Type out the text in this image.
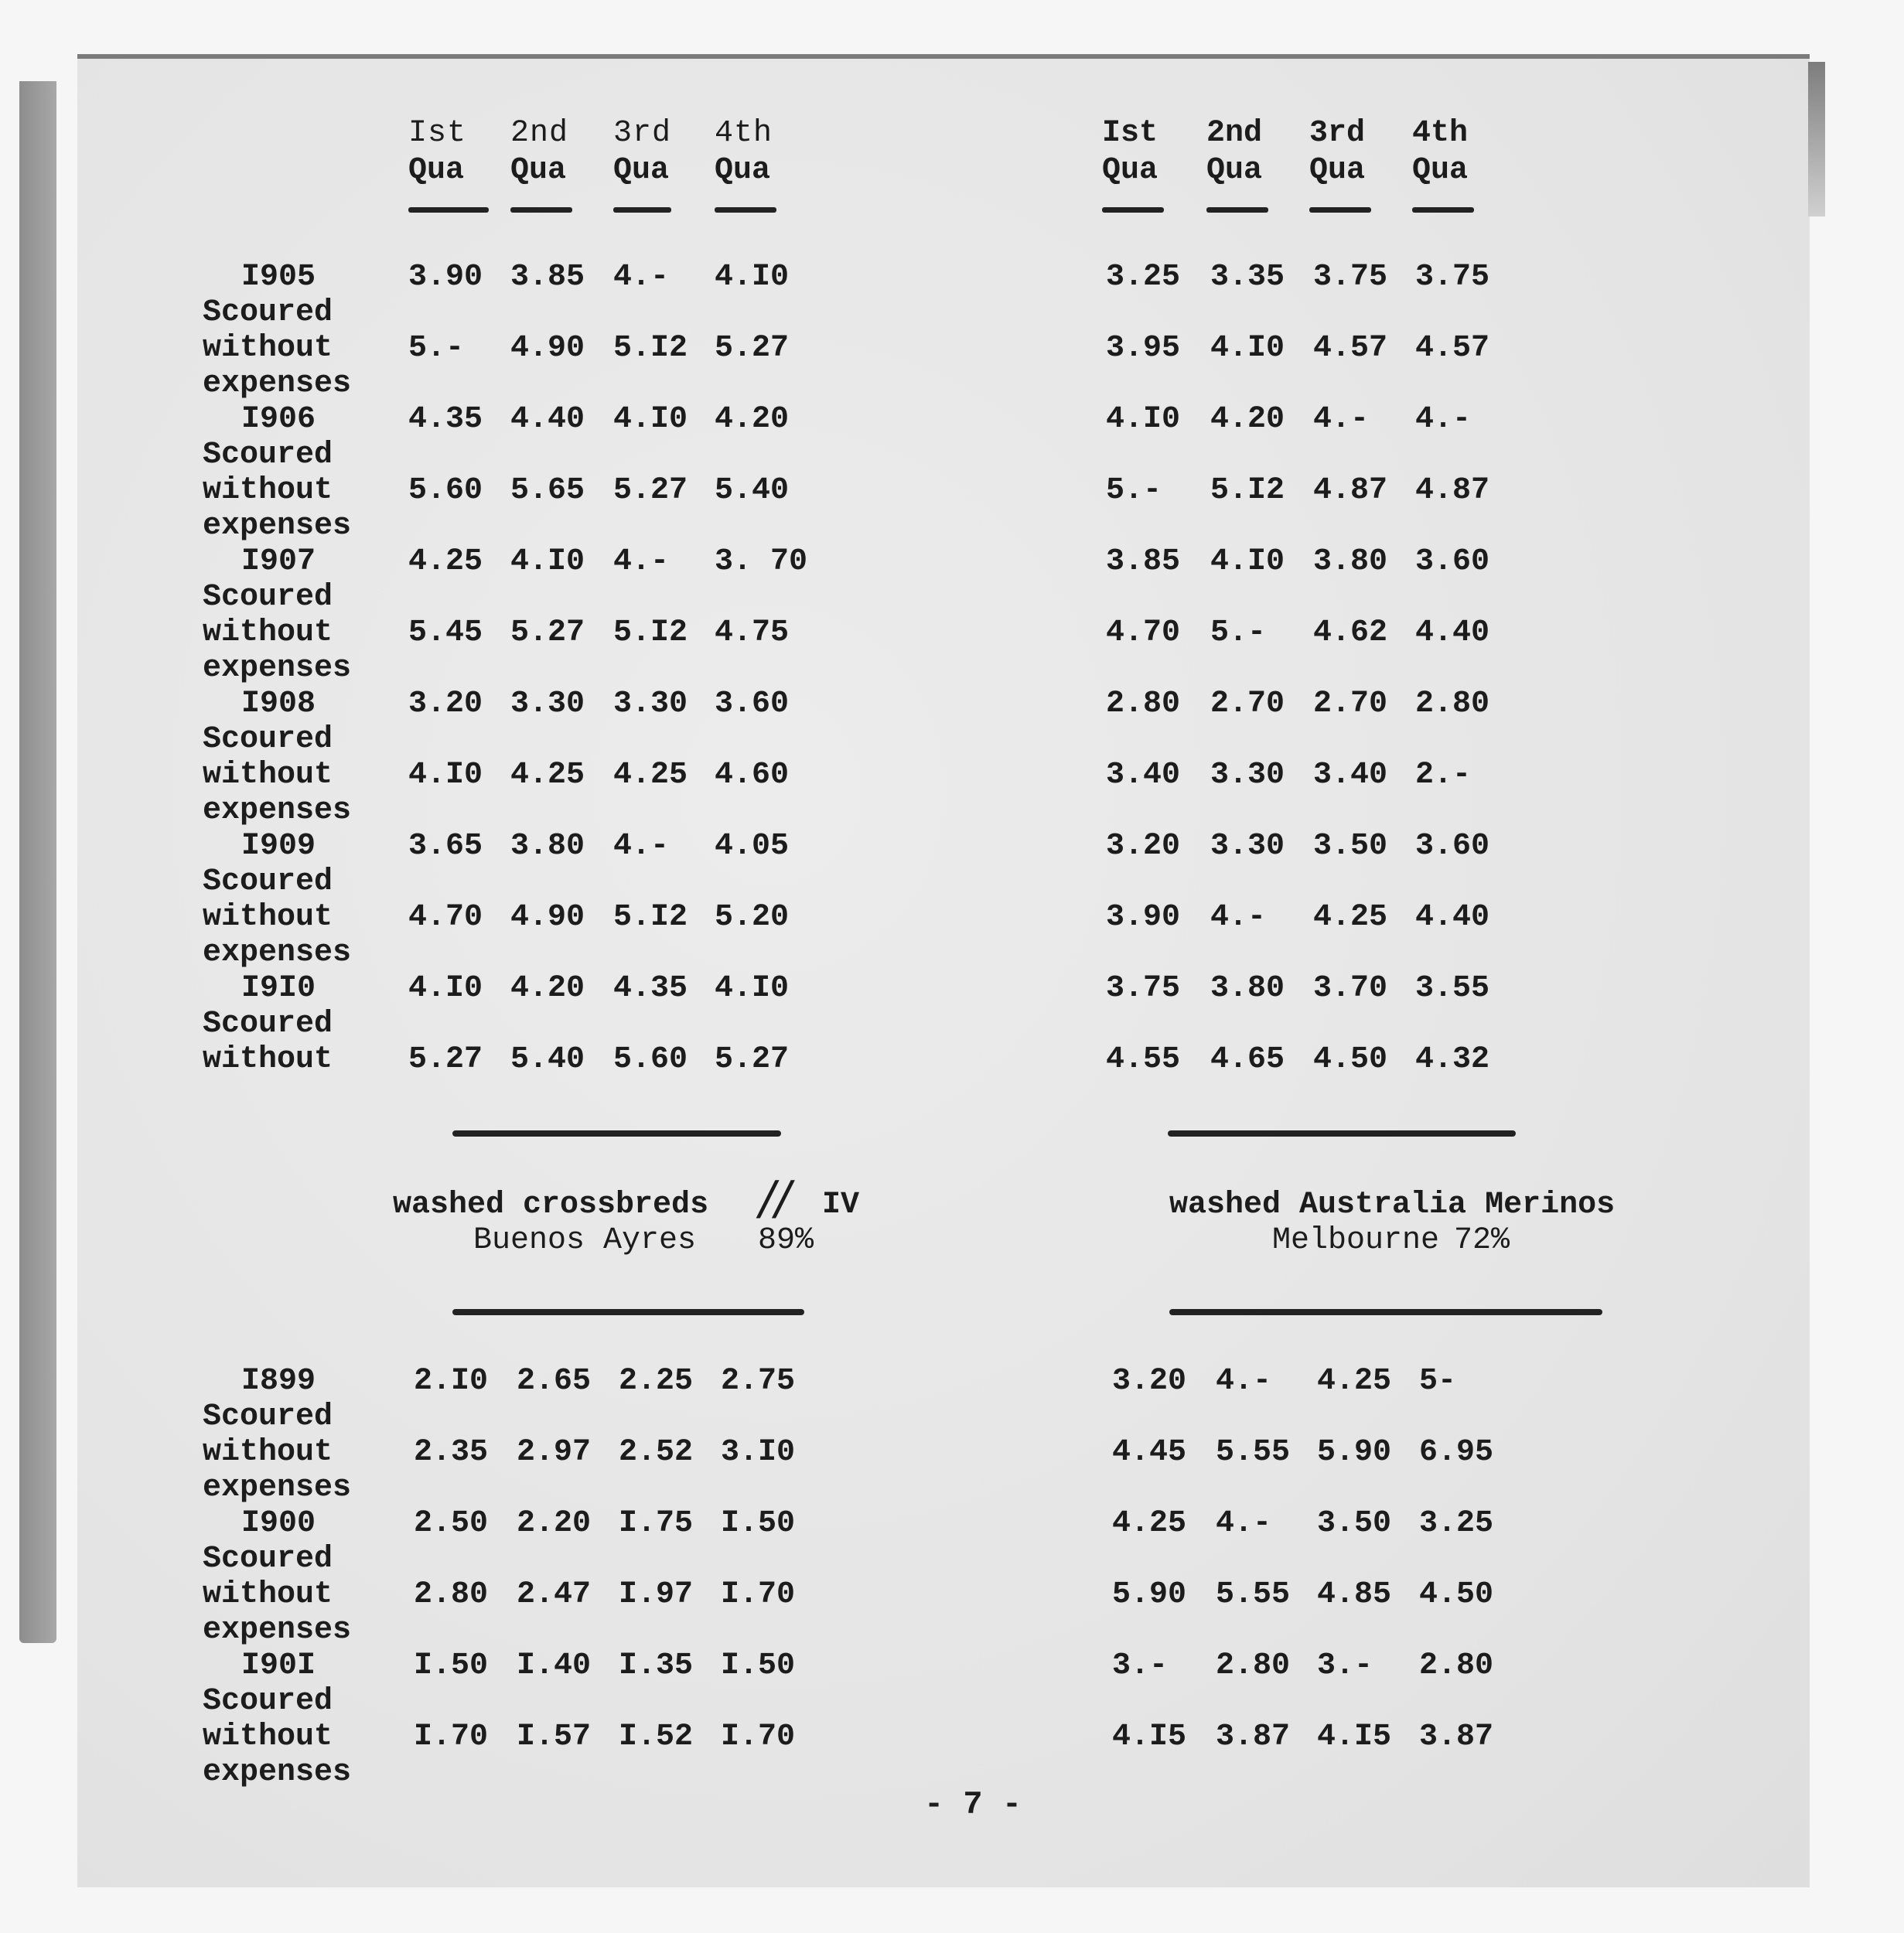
Ist
Qua
2nd
Qua
3rd
Qua
4th
Qua
Ist
Qua
2nd
Qua
3rd
Qua
4th
Qua
I905
Scoured
without
expenses
I906
Scoured
without
expenses
I907
Scoured
without
expenses
I908
Scoured
without
expenses
I909
Scoured
without
expenses
I9I0
Scoured
without
3.90 3.85 4.- 4.I0
5.- 4.90 5.I2 5.27
4.35 4.40 4.I0 4.20
5.60 5.65 5.27 5.40
4.25 4.I0 4.- 3. 70
5.45 5.27 5.I2 4.75
3.20 3.30 3.30 3.60
4.I0 4.25 4.25 4.60
3.65 3.80 4.- 4.05
4.70 4.90 5.I2 5.20
4.I0 4.20 4.35 4.I0
5.27 5.40 5.60 5.27
3.25 3.35 3.75 3.75
3.95 4.I0 4.57 4.57
4.I0 4.20 4.- 4.-
5.- 5.I2 4.87 4.87
3.85 4.I0 3.80 3.60
4.70 5.- 4.62 4.40
2.80 2.70 2.70 2.80
3.40 3.30 3.40 2.-
3.20 3.30 3.50 3.60
3.90 4.- 4.25 4.40
3.75 3.80 3.70 3.55
4.55 4.65 4.50 4.32
washed crossbreds // IV
Buenos Ayres 89%
washed Australia Merinos
Melbourne 72%
I899
Scoured
without
expenses
I900
Scoured
without
expenses
I90I
Scoured
without
expenses
2.I0 2.65 2.25 2.75
2.35 2.97 2.52 3.I0
2.50 2.20 I.75 I.50
2.80 2.47 I.97 I.70
I.50 I.40 I.35 I.50
I.70 I.57 I.52 I.70
3.20 4.- 4.25 5-
4.45 5.55 5.90 6.95
4.25 4.- 3.50 3.25
5.90 5.55 4.85 4.50
3.- 2.80 3.- 2.80
4.I5 3.87 4.I5 3.87
- 7 -
